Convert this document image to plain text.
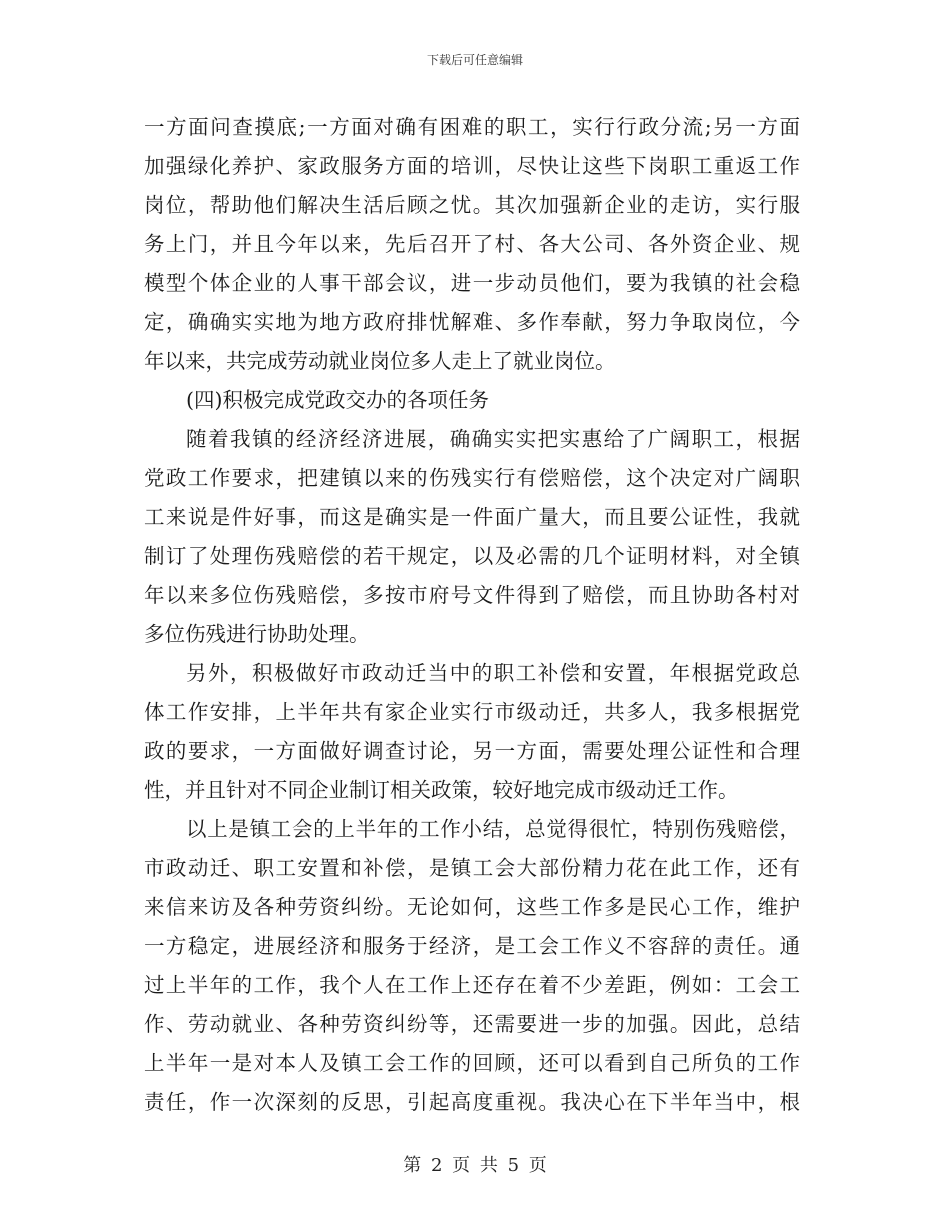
下载后可任意编辑
一方面问查摸底;一方面对确有困难的职工，实行行政分流;另一方面
加强绿化养护、家政服务方面的培训，尽快让这些下岗职工重返工作
岗位，帮助他们解决生活后顾之忧。其次加强新企业的走访，实行服
务上门，并且今年以来，先后召开了村、各大公司、各外资企业、规
模型个体企业的人事干部会议，进一步动员他们，要为我镇的社会稳
定，确确实实地为地方政府排忧解难、多作奉献，努力争取岗位，今
年以来，共完成劳动就业岗位多人走上了就业岗位。
(四)积极完成党政交办的各项任务
随着我镇的经济经济进展，确确实实把实惠给了广阔职工，根据
党政工作要求，把建镇以来的伤残实行有偿赔偿，这个决定对广阔职
工来说是件好事，而这是确实是一件面广量大，而且要公证性，我就
制订了处理伤残赔偿的若干规定，以及必需的几个证明材料，对全镇
年以来多位伤残赔偿，多按市府号文件得到了赔偿，而且协助各村对
多位伤残进行协助处理。
另外，积极做好市政动迁当中的职工补偿和安置，年根据党政总
体工作安排，上半年共有家企业实行市级动迁，共多人，我多根据党
政的要求，一方面做好调查讨论，另一方面，需要处理公证性和合理
性，并且针对不同企业制订相关政策，较好地完成市级动迁工作。
以上是镇工会的上半年的工作小结，总觉得很忙，特别伤残赔偿，
市政动迁、职工安置和补偿，是镇工会大部份精力花在此工作，还有
来信来访及各种劳资纠纷。无论如何，这些工作多是民心工作，维护
一方稳定，进展经济和服务于经济，是工会工作义不容辞的责任。通
过上半年的工作，我个人在工作上还存在着不少差距，例如：工会工
作、劳动就业、各种劳资纠纷等，还需要进一步的加强。因此，总结
上半年一是对本人及镇工会工作的回顾，还可以看到自己所负的工作
责任，作一次深刻的反思，引起高度重视。我决心在下半年当中，根
第 2 页 共 5 页
